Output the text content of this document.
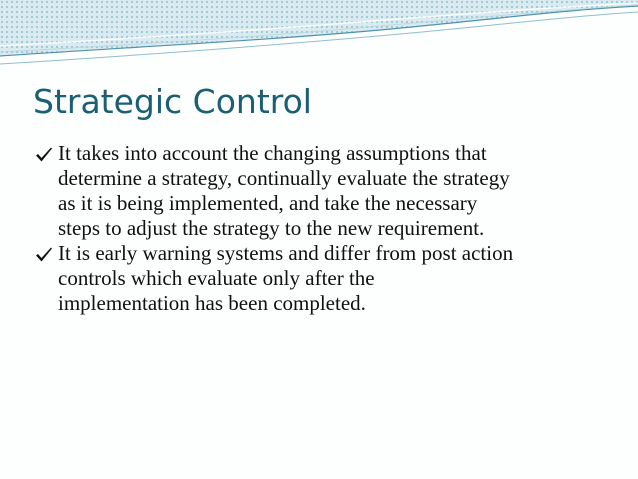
Strategic Control
It takes into account the changing assumptions that
determine a strategy, continually evaluate the strategy
as it is being implemented, and take the necessary
steps to adjust the strategy to the new requirement.
It is early warning systems and differ from post action
controls which evaluate only after the
implementation has been completed.
